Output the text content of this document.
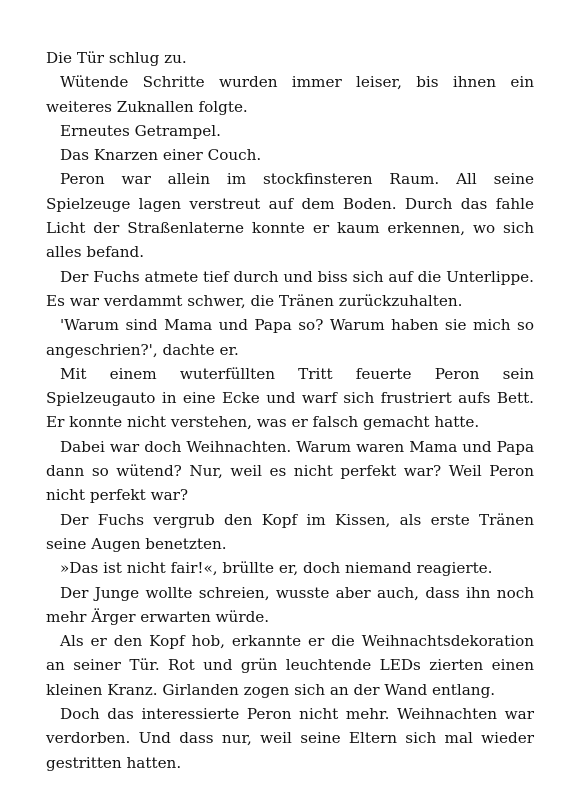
Die Tür schlug zu.

Wütende Schritte wurden immer leiser, bis ihnen ein weiteres Zuknallen folgte.

Erneutes Getrampel.

Das Knarzen einer Couch.

Peron war allein im stockfinsteren Raum. All seine Spielzeuge lagen verstreut auf dem Boden. Durch das fahle Licht der Straßenlaterne konnte er kaum erkennen, wo sich alles befand.

Der Fuchs atmete tief durch und biss sich auf die Unterlippe. Es war verdammt schwer, die Tränen zurückzuhalten.

'Warum sind Mama und Papa so? Warum haben sie mich so angeschrien?', dachte er.

Mit einem wuterfüllten Tritt feuerte Peron sein Spielzeugauto in eine Ecke und warf sich frustriert aufs Bett. Er konnte nicht verstehen, was er falsch gemacht hatte.

Dabei war doch Weihnachten. Warum waren Mama und Papa dann so wütend? Nur, weil es nicht perfekt war? Weil Peron nicht perfekt war?

Der Fuchs vergrub den Kopf im Kissen, als erste Tränen seine Augen benetzten.

»Das ist nicht fair!«, brüllte er, doch niemand reagierte.

Der Junge wollte schreien, wusste aber auch, dass ihn noch mehr Ärger erwarten würde.

Als er den Kopf hob, erkannte er die Weihnachtsdekoration an seiner Tür. Rot und grün leuchtende LEDs zierten einen kleinen Kranz. Girlanden zogen sich an der Wand entlang.

Doch das interessierte Peron nicht mehr. Weihnachten war verdorben. Und dass nur, weil seine Eltern sich mal wieder gestritten hatten.
